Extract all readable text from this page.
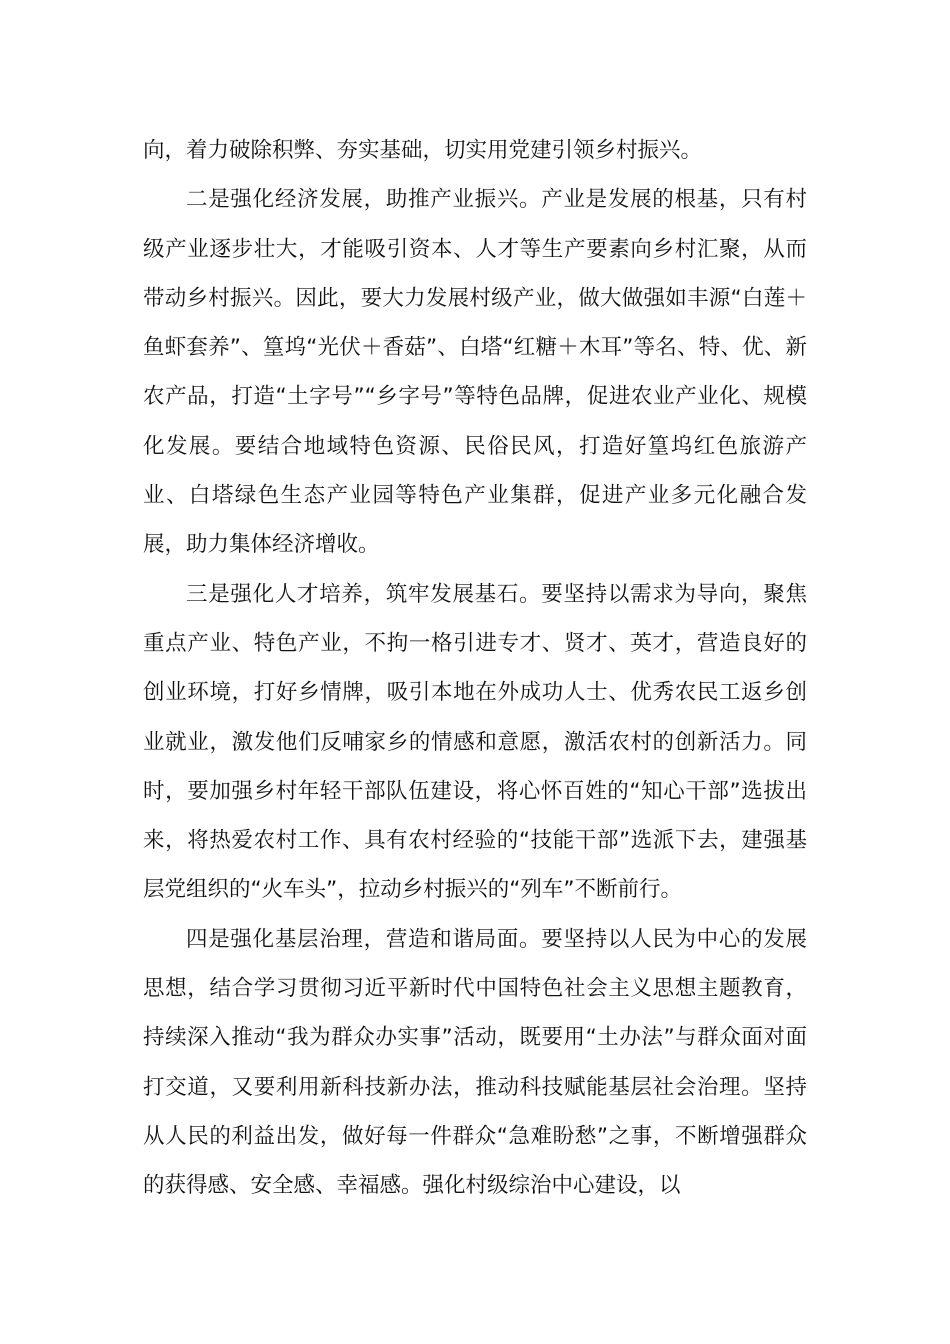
向，着力破除积弊、夯实基础，切实用党建引领乡村振兴。

二是强化经济发展，助推产业振兴。产业是发展的根基，只有村级产业逐步壮大，才能吸引资本、人才等生产要素向乡村汇聚，从而带动乡村振兴。因此，要大力发展村级产业，做大做强如丰源“白莲＋鱼虾套养”、篁坞“光伏＋香菇”、白塔“红糖＋木耳”等名、特、优、新农产品，打造“土字号”“乡字号”等特色品牌，促进农业产业化、规模化发展。要结合地域特色资源、民俗民风，打造好篁坞红色旅游产业、白塔绿色生态产业园等特色产业集群，促进产业多元化融合发展，助力集体经济增收。

三是强化人才培养，筑牢发展基石。要坚持以需求为导向，聚焦重点产业、特色产业，不拘一格引进专才、贤才、英才，营造良好的创业环境，打好乡情牌，吸引本地在外成功人士、优秀农民工返乡创业就业，激发他们反哺家乡的情感和意愿，激活农村的创新活力。同时，要加强乡村年轻干部队伍建设，将心怀百姓的“知心干部”选拔出来，将热爱农村工作、具有农村经验的“技能干部”选派下去，建强基层党组织的“火车头”，拉动乡村振兴的“列车”不断前行。

四是强化基层治理，营造和谐局面。要坚持以人民为中心的发展思想，结合学习贯彻习近平新时代中国特色社会主义思想主题教育，持续深入推动“我为群众办实事”活动，既要用“土办法”与群众面对面打交道，又要利用新科技新办法，推动科技赋能基层社会治理。坚持从人民的利益出发，做好每一件群众“急难盼愁”之事，不断增强群众的获得感、安全感、幸福感。强化村级综治中心建设，以
